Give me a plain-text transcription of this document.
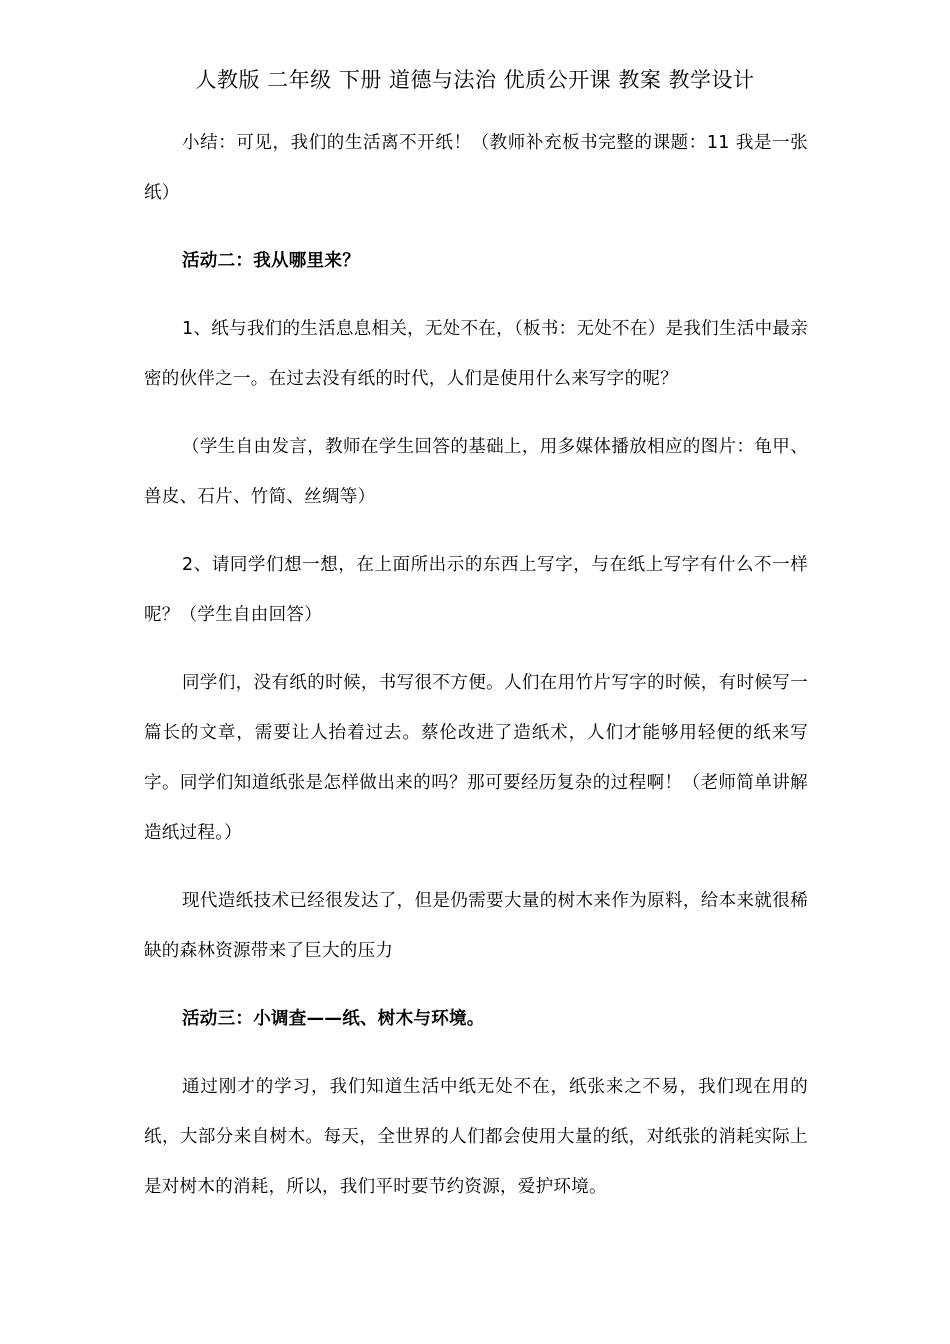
人教版 二年级 下册 道德与法治 优质公开课 教案 教学设计

小结：可见，我们的生活离不开纸！（教师补充板书完整的课题：11 我是一张纸）

活动二：我从哪里来？

1、纸与我们的生活息息相关，无处不在，（板书：无处不在）是我们生活中最亲密的伙伴之一。在过去没有纸的时代，人们是使用什么来写字的呢？

（学生自由发言，教师在学生回答的基础上，用多媒体播放相应的图片：龟甲、兽皮、石片、竹简、丝绸等）

2、请同学们想一想，在上面所出示的东西上写字，与在纸上写字有什么不一样呢？（学生自由回答）

同学们，没有纸的时候，书写很不方便。人们在用竹片写字的时候，有时候写一篇长的文章，需要让人抬着过去。蔡伦改进了造纸术，人们才能够用轻便的纸来写字。同学们知道纸张是怎样做出来的吗？那可要经历复杂的过程啊！（老师简单讲解造纸过程。）

现代造纸技术已经很发达了，但是仍需要大量的树木来作为原料，给本来就很稀缺的森林资源带来了巨大的压力

活动三：小调查——纸、树木与环境。

通过刚才的学习，我们知道生活中纸无处不在，纸张来之不易，我们现在用的纸，大部分来自树木。每天，全世界的人们都会使用大量的纸，对纸张的消耗实际上是对树木的消耗，所以，我们平时要节约资源，爱护环境。
